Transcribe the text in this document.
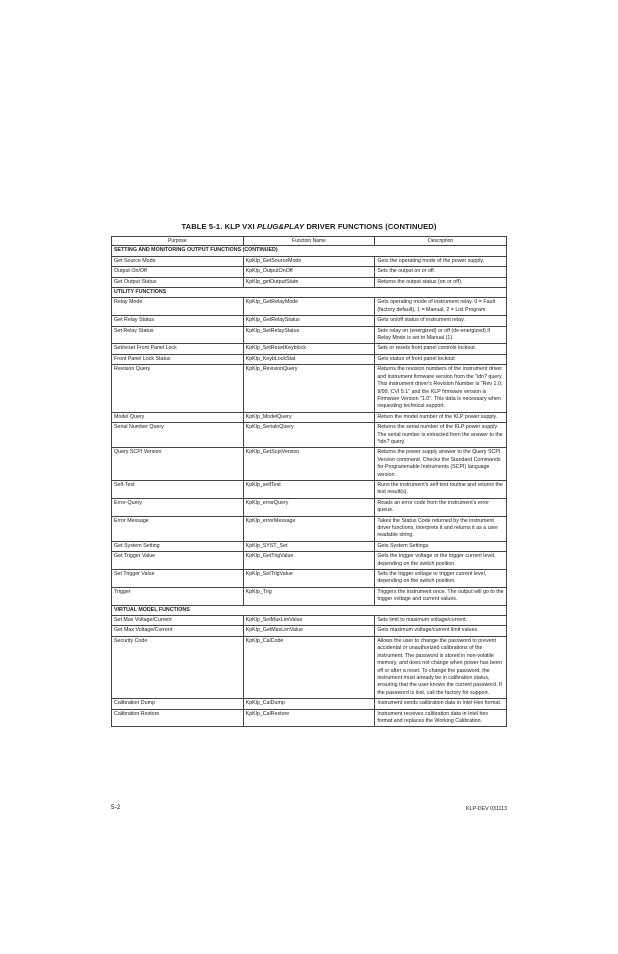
TABLE 5-1. KLP VXI PLUG&PLAY DRIVER FUNCTIONS (CONTINUED)
Purpose	Function Name	Description
SETTING AND MONITORING OUTPUT FUNCTIONS (CONTINUED)		
Get Source Mode	KpKlp_GetSourceMode	Gets the operating mode of the power supply.
Output On/Off	KpKlp_OutputOnOff	Sets the output on or off.
Get Output Status	KpKlp_getOutputState	Returns the output status (on or off).
UTILITY FUNCTIONS		
Relay Mode	KpKlp_GetRelayMode	Gets operating mode of instrument relay. 0 = Fault (factory default), 1 = Manual, 2 = List Program
Get Relay Status	KpKlp_GetRelayStatus	Gets on/off status of instrument relay.
Set Relay Status	KpKlp_SetRelayStatus	Sets relay on (energized) or off (de-energized) if Relay Mode is set to Manual (1).
Set/reset Front Panel Lock	KpKlp_SetResetKeyblock	Sets or resets front panel controls lockout.
Front Panel Lock Status	KpKlp_KeybLockStat	Gets status of front panel lockout
Revision Query	KpKlp_RevisionQuery	Returns the revision numbers of the instrument driver and instrument firmware version from the "idn? query. This instrument driver's Revision Number is "Rev 1.0, 9/99, CVI 5.1" and the KLP firmware version is Firmware Version "1.0". This data is necessary when requesting technical support.
Model Query	KpKlp_ModelQuery	Return the model number of the KLP power supply.
Serial Number Query	KpKlp_SerialnQuery	Returns the serial number of the KLP power supply. The serial number is extracted from the answer to the *idn? query.
Query SCPI Version	KpKlp_GetScpiVersion	Returns the power supply answer to the Query SCPI Version command. Checks the Standard Commands for Programmable Instruments (SCPI) language version.
Self-Test	KpKlp_selfTest	Runs the instrument's self test routine and returns the test result(s).
Error-Query	KpKlp_errorQuery	Reads an error code from the instrument's error queue.
Error Message	KpKlp_errorMessage	Takes the Status Code returned by the instrument driver functions, interprets it and returns it as a user readable string.
Get System Setting	KpKlp_SYST_Set	Gets System Settings
Get Trigger Value	KpKlp_GetTrigValue	Gets the trigger voltage or the trigger current level, depending on the switch position.
Set Trigger Value	KpKlp_SetTrigValue	Sets the trigger voltage or trigger current level, depending on the switch position.
Trigger	KpKlp_Trig	Triggers the instrument once. The output will go to the trigger voltage and current values.
VIRTUAL MODEL FUNCTIONS		
Set Max Voltage/Current	KpKlp_SetMaxLimValue	Sets limit to maximum voltage/current.
Get Max Voltage/Current	KpKlp_GetMaxLimValue	Gets maximum voltage/current limit values.
Security Code	KpKlp_CalCode	Allows the user to change the password to prevent accidental or unauthorized calibrations of the instrument. The password is stored in non-volatile memory, and does not change when power has been off or after a reset. To change the password, the instrument must already be in calibration status, ensuring that the user knows the current password. If the password is lost, call the factory for support.
Calibration Dump	KpKlp_CalDump	Instrument sends calibration data in Intel Hex format.
Calibration Restore	KpKlp_CalRestore	Instrument receives calibration data in Intel hex format and replaces the Working Calibration.
5-2	KLP-DEV 031113
